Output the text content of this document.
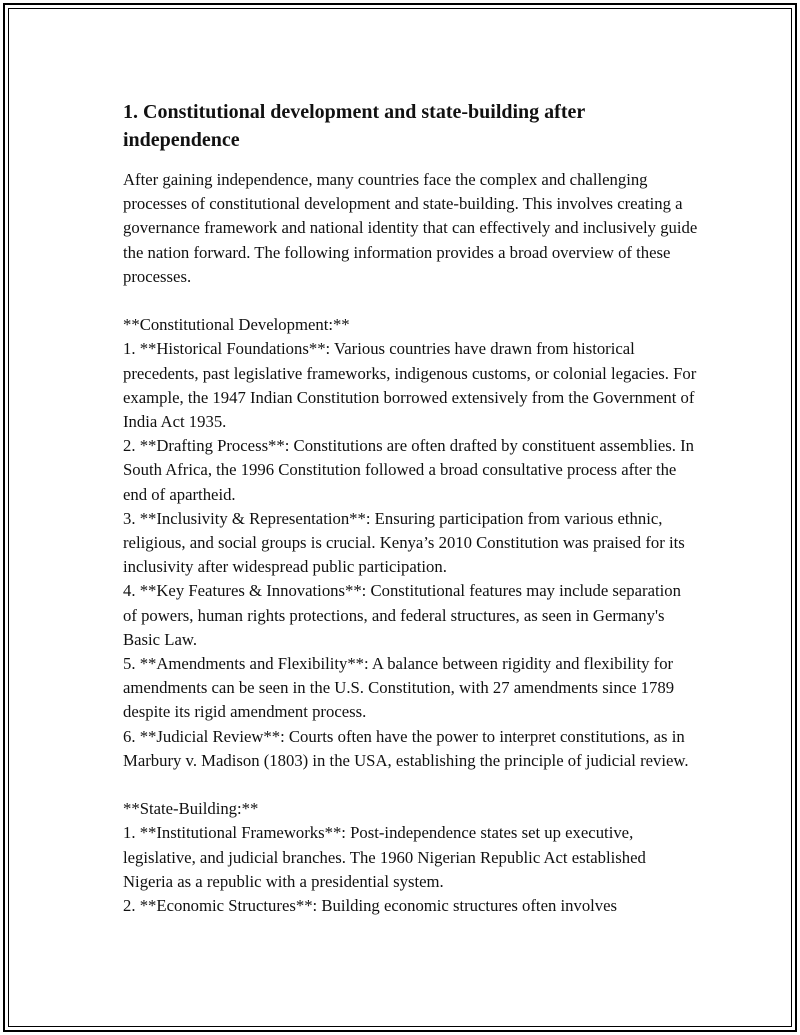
1. Constitutional development and state-building after independence

After gaining independence, many countries face the complex and challenging processes of constitutional development and state-building. This involves creating a governance framework and national identity that can effectively and inclusively guide the nation forward. The following information provides a broad overview of these processes.

**Constitutional Development:**

1. **Historical Foundations**: Various countries have drawn from historical precedents, past legislative frameworks, indigenous customs, or colonial legacies. For example, the 1947 Indian Constitution borrowed extensively from the Government of India Act 1935.

2. **Drafting Process**: Constitutions are often drafted by constituent assemblies. In South Africa, the 1996 Constitution followed a broad consultative process after the end of apartheid.

3. **Inclusivity & Representation**: Ensuring participation from various ethnic, religious, and social groups is crucial. Kenya’s 2010 Constitution was praised for its inclusivity after widespread public participation.

4. **Key Features & Innovations**: Constitutional features may include separation of powers, human rights protections, and federal structures, as seen in Germany's Basic Law.

5. **Amendments and Flexibility**: A balance between rigidity and flexibility for amendments can be seen in the U.S. Constitution, with 27 amendments since 1789 despite its rigid amendment process.

6. **Judicial Review**: Courts often have the power to interpret constitutions, as in Marbury v. Madison (1803) in the USA, establishing the principle of judicial review.

**State-Building:**

1. **Institutional Frameworks**: Post-independence states set up executive, legislative, and judicial branches. The 1960 Nigerian Republic Act established Nigeria as a republic with a presidential system.

2. **Economic Structures**: Building economic structures often involves
